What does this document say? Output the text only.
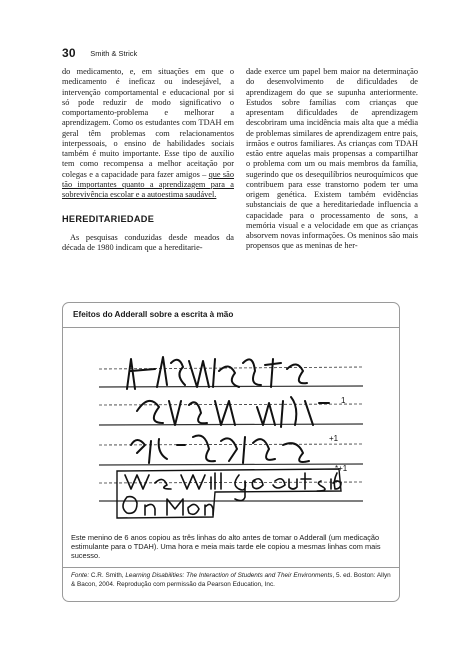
30 Smith & Strick

do medicamento, e, em situações em que o medicamento é ineficaz ou indesejável, a intervenção comportamental e educacional por si só pode reduzir de modo significativo o comportamento-problema e melhorar a aprendizagem. Como os estudantes com TDAH em geral têm problemas com relacionamentos interpessoais, o ensino de habilidades sociais também é muito importante. Esse tipo de auxílio tem como recompensa a melhor aceitação por colegas e a capacidade para fazer amigos – que são tão importantes quanto a aprendizagem para a sobrevivência escolar e a autoestima saudável.

HEREDITARIEDADE

As pesquisas conduzidas desde meados da década de 1980 indicam que a hereditarie-

dade exerce um papel bem maior na determinação do desenvolvimento de dificuldades de aprendizagem do que se supunha anteriormente. Estudos sobre famílias com crianças que apresentam dificuldades de aprendizagem descobriram uma incidência mais alta que a média de problemas similares de aprendizagem entre pais, irmãos e outros familiares. As crianças com TDAH estão entre aquelas mais propensas a compartilhar o problema com um ou mais membros da família, sugerindo que os desequilíbrios neuroquímicos que contribuem para esse transtorno podem ter uma origem genética. Existem também evidências substanciais de que a hereditariedade influencia a capacidade para o processamento de sons, a memória visual e a velocidade em que as crianças absorvem novas informações. Os meninos são mais propensos que as meninas de her-

Efeitos do Adderall sobre a escrita à mão
1
+1
*+1
Este menino de 6 anos copiou as três linhas do alto antes de tomar o Adderall (um medicação estimulante para o TDAH). Uma hora e meia mais tarde ele copiou a mesmas linhas com mais sucesso.
Fonte: C.R. Smith, Learning Disabilities: The Interaction of Students and Their Environments, 5. ed. Boston: Allyn & Bacon, 2004. Reprodução com permissão da Pearson Education, Inc.
